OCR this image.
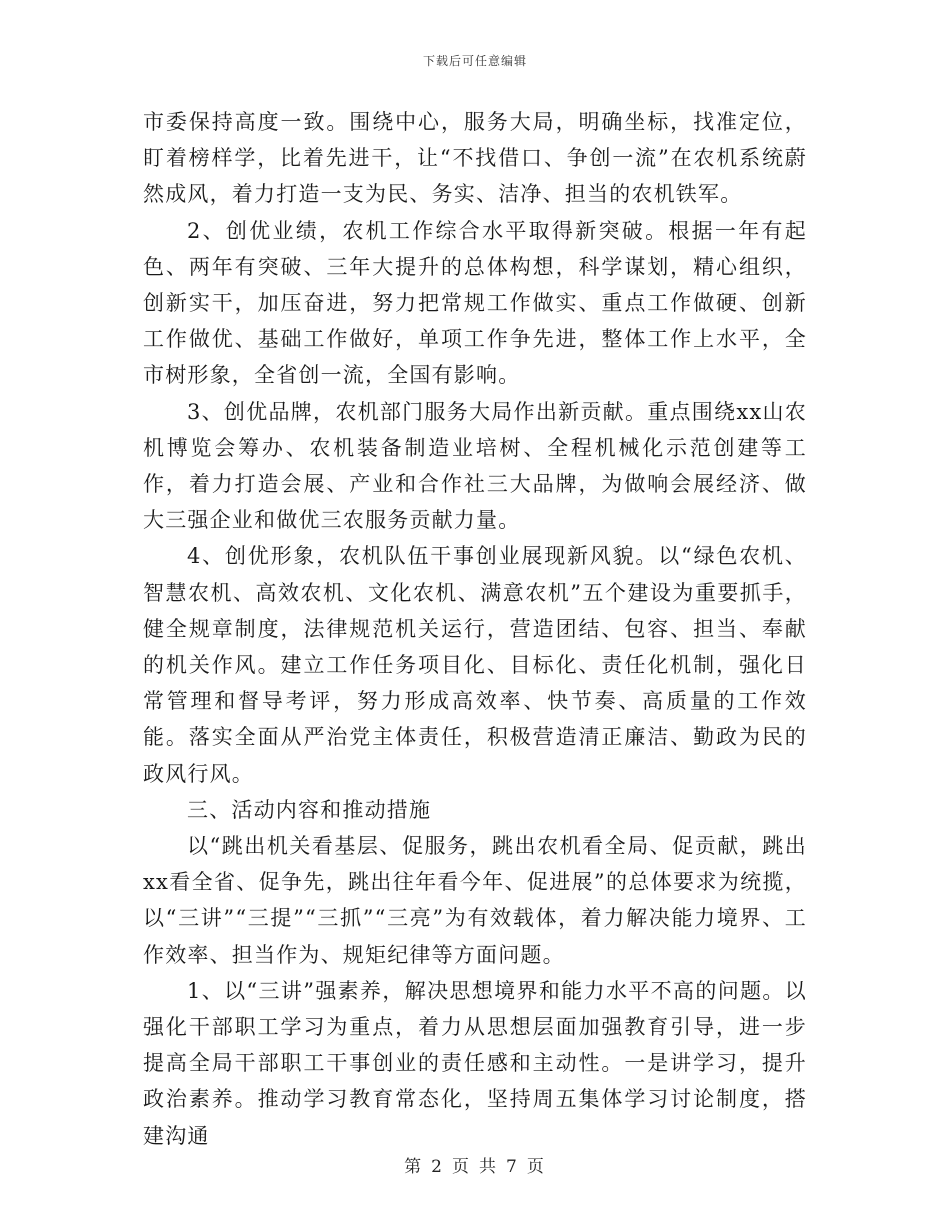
下载后可任意编辑

市委保持高度一致。围绕中心，服务大局，明确坐标，找准定位，盯着榜样学，比着先进干，让“不找借口、争创一流”在农机系统蔚然成风，着力打造一支为民、务实、洁净、担当的农机铁军。

2、创优业绩，农机工作综合水平取得新突破。根据一年有起色、两年有突破、三年大提升的总体构想，科学谋划，精心组织，创新实干，加压奋进，努力把常规工作做实、重点工作做硬、创新工作做优、基础工作做好，单项工作争先进，整体工作上水平，全市树形象，全省创一流，全国有影响。

3、创优品牌，农机部门服务大局作出新贡献。重点围绕xx山农机博览会筹办、农机装备制造业培树、全程机械化示范创建等工作，着力打造会展、产业和合作社三大品牌，为做响会展经济、做大三强企业和做优三农服务贡献力量。

4、创优形象，农机队伍干事创业展现新风貌。以“绿色农机、智慧农机、高效农机、文化农机、满意农机”五个建设为重要抓手，健全规章制度，法律规范机关运行，营造团结、包容、担当、奉献的机关作风。建立工作任务项目化、目标化、责任化机制，强化日常管理和督导考评，努力形成高效率、快节奏、高质量的工作效能。落实全面从严治党主体责任，积极营造清正廉洁、勤政为民的政风行风。

三、活动内容和推动措施

以“跳出机关看基层、促服务，跳出农机看全局、促贡献，跳出xx看全省、促争先，跳出往年看今年、促进展”的总体要求为统揽，以“三讲”“三提”“三抓”“三亮”为有效载体，着力解决能力境界、工作效率、担当作为、规矩纪律等方面问题。

1、以“三讲”强素养，解决思想境界和能力水平不高的问题。以强化干部职工学习为重点，着力从思想层面加强教育引导，进一步提高全局干部职工干事创业的责任感和主动性。一是讲学习，提升政治素养。推动学习教育常态化，坚持周五集体学习讨论制度，搭建沟通

第 2 页 共 7 页
